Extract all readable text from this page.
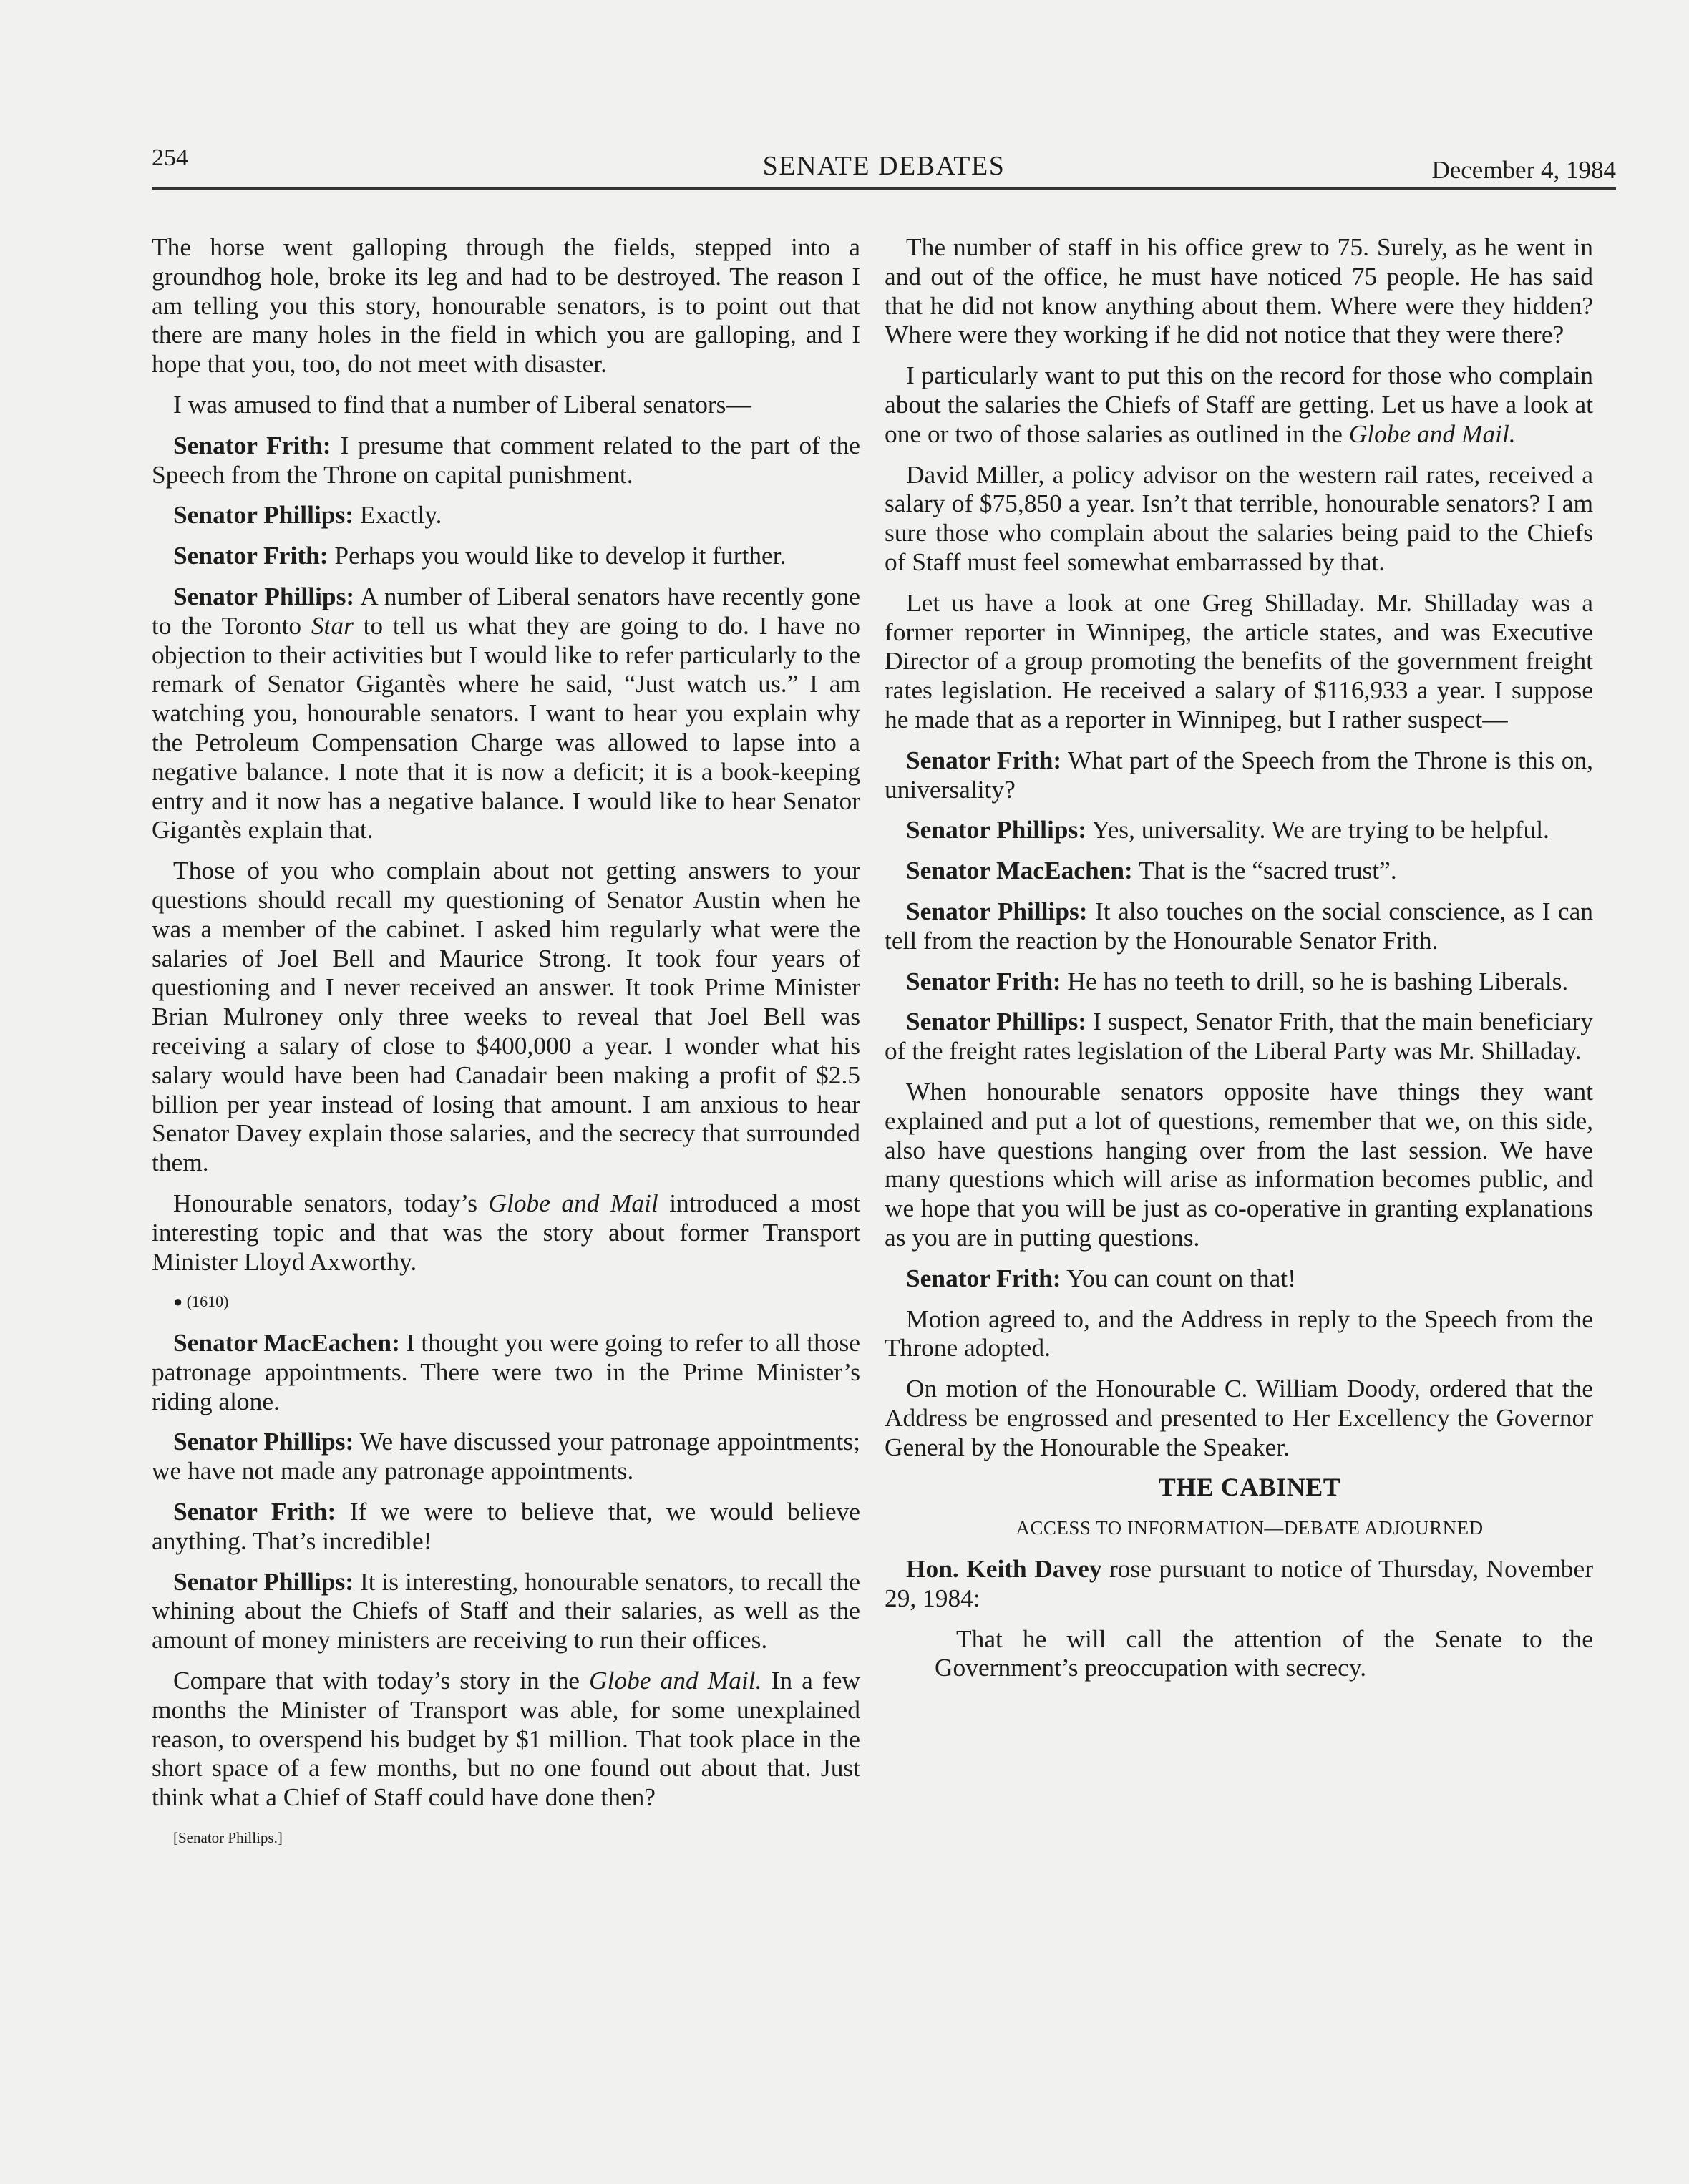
254	SENATE DEBATES	December 4, 1984

The horse went galloping through the fields, stepped into a groundhog hole, broke its leg and had to be destroyed. The reason I am telling you this story, honourable senators, is to point out that there are many holes in the field in which you are galloping, and I hope that you, too, do not meet with disaster.

I was amused to find that a number of Liberal senators—

Senator Frith: I presume that comment related to the part of the Speech from the Throne on capital punishment.

Senator Phillips: Exactly.

Senator Frith: Perhaps you would like to develop it further.

Senator Phillips: A number of Liberal senators have recently gone to the Toronto Star to tell us what they are going to do. I have no objection to their activities but I would like to refer particularly to the remark of Senator Gigantès where he said, “Just watch us.” I am watching you, honourable senators. I want to hear you explain why the Petroleum Compensation Charge was allowed to lapse into a negative balance. I note that it is now a deficit; it is a book-keeping entry and it now has a negative balance. I would like to hear Senator Gigantès explain that.

Those of you who complain about not getting answers to your questions should recall my questioning of Senator Austin when he was a member of the cabinet. I asked him regularly what were the salaries of Joel Bell and Maurice Strong. It took four years of questioning and I never received an answer. It took Prime Minister Brian Mulroney only three weeks to reveal that Joel Bell was receiving a salary of close to $400,000 a year. I wonder what his salary would have been had Canadair been making a profit of $2.5 billion per year instead of losing that amount. I am anxious to hear Senator Davey explain those salaries, and the secrecy that surrounded them.

Honourable senators, today’s Globe and Mail introduced a most interesting topic and that was the story about former Transport Minister Lloyd Axworthy.

● (1610)

Senator MacEachen: I thought you were going to refer to all those patronage appointments. There were two in the Prime Minister’s riding alone.

Senator Phillips: We have discussed your patronage appointments; we have not made any patronage appointments.

Senator Frith: If we were to believe that, we would believe anything. That’s incredible!

Senator Phillips: It is interesting, honourable senators, to recall the whining about the Chiefs of Staff and their salaries, as well as the amount of money ministers are receiving to run their offices.

Compare that with today’s story in the Globe and Mail. In a few months the Minister of Transport was able, for some unexplained reason, to overspend his budget by $1 million. That took place in the short space of a few months, but no one found out about that. Just think what a Chief of Staff could have done then?

[Senator Phillips.]

The number of staff in his office grew to 75. Surely, as he went in and out of the office, he must have noticed 75 people. He has said that he did not know anything about them. Where were they hidden? Where were they working if he did not notice that they were there?

I particularly want to put this on the record for those who complain about the salaries the Chiefs of Staff are getting. Let us have a look at one or two of those salaries as outlined in the Globe and Mail.

David Miller, a policy advisor on the western rail rates, received a salary of $75,850 a year. Isn’t that terrible, honourable senators? I am sure those who complain about the salaries being paid to the Chiefs of Staff must feel somewhat embarrassed by that.

Let us have a look at one Greg Shilladay. Mr. Shilladay was a former reporter in Winnipeg, the article states, and was Executive Director of a group promoting the benefits of the government freight rates legislation. He received a salary of $116,933 a year. I suppose he made that as a reporter in Winnipeg, but I rather suspect—

Senator Frith: What part of the Speech from the Throne is this on, universality?

Senator Phillips: Yes, universality. We are trying to be helpful.

Senator MacEachen: That is the “sacred trust”.

Senator Phillips: It also touches on the social conscience, as I can tell from the reaction by the Honourable Senator Frith.

Senator Frith: He has no teeth to drill, so he is bashing Liberals.

Senator Phillips: I suspect, Senator Frith, that the main beneficiary of the freight rates legislation of the Liberal Party was Mr. Shilladay.

When honourable senators opposite have things they want explained and put a lot of questions, remember that we, on this side, also have questions hanging over from the last session. We have many questions which will arise as information becomes public, and we hope that you will be just as co-operative in granting explanations as you are in putting questions.

Senator Frith: You can count on that!

Motion agreed to, and the Address in reply to the Speech from the Throne adopted.

On motion of the Honourable C. William Doody, ordered that the Address be engrossed and presented to Her Excellency the Governor General by the Honourable the Speaker.

THE CABINET

ACCESS TO INFORMATION—DEBATE ADJOURNED

Hon. Keith Davey rose pursuant to notice of Thursday, November 29, 1984:

That he will call the attention of the Senate to the Government’s preoccupation with secrecy.
